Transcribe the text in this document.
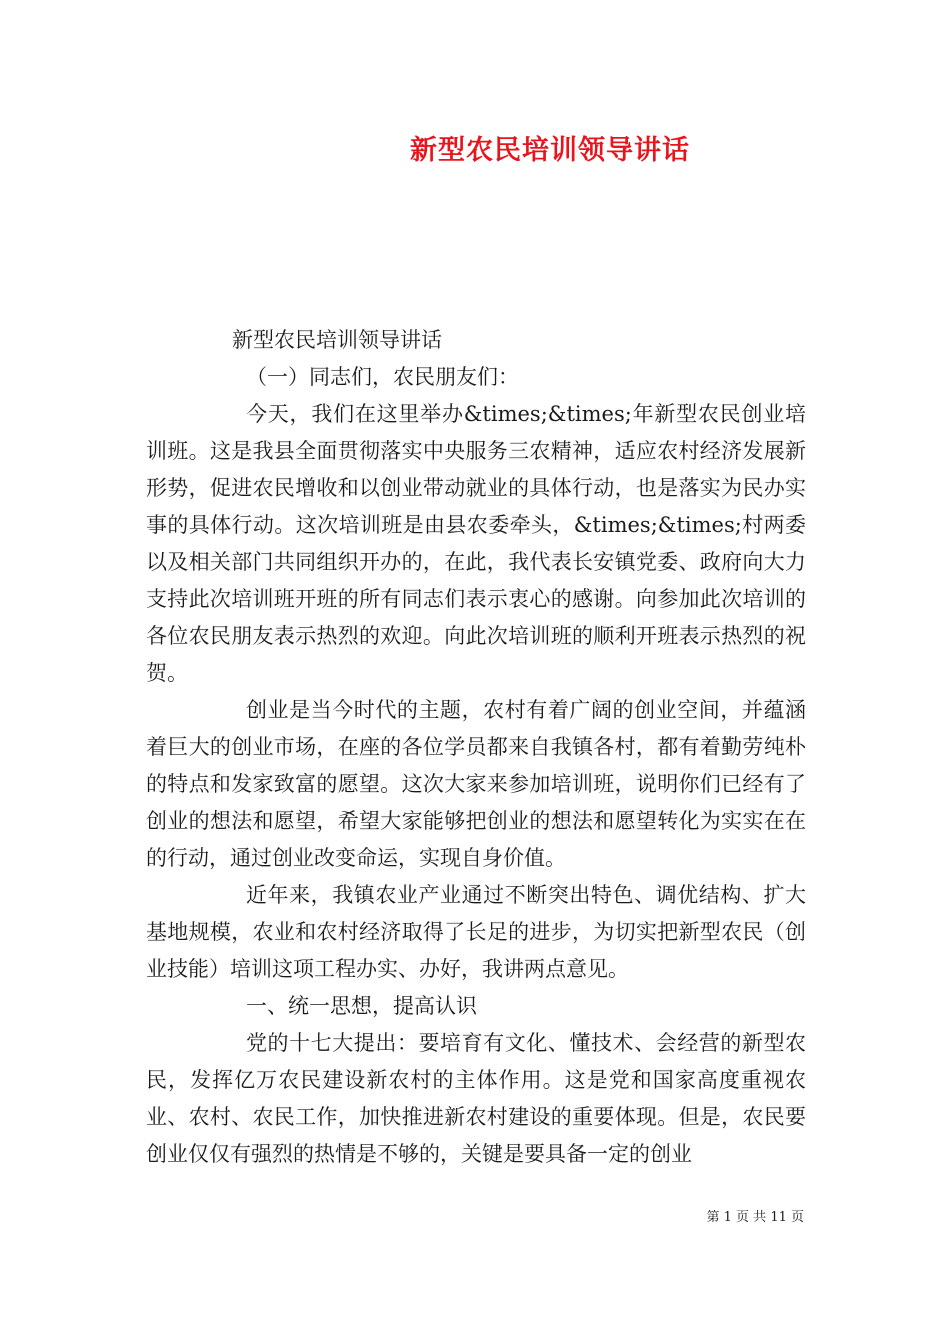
新型农民培训领导讲话

新型农民培训领导讲话

（一）同志们，农民朋友们：

今天，我们在这里举办&times;&times;年新型农民创业培训班。这是我县全面贯彻落实中央服务三农精神，适应农村经济发展新形势，促进农民增收和以创业带动就业的具体行动，也是落实为民办实事的具体行动。这次培训班是由县农委牵头，&times;&times;村两委以及相关部门共同组织开办的，在此，我代表长安镇党委、政府向大力支持此次培训班开班的所有同志们表示衷心的感谢。向参加此次培训的各位农民朋友表示热烈的欢迎。向此次培训班的顺利开班表示热烈的祝贺。

创业是当今时代的主题，农村有着广阔的创业空间，并蕴涵着巨大的创业市场，在座的各位学员都来自我镇各村，都有着勤劳纯朴的特点和发家致富的愿望。这次大家来参加培训班，说明你们已经有了创业的想法和愿望，希望大家能够把创业的想法和愿望转化为实实在在的行动，通过创业改变命运，实现自身价值。

近年来，我镇农业产业通过不断突出特色、调优结构、扩大基地规模，农业和农村经济取得了长足的进步，为切实把新型农民（创业技能）培训这项工程办实、办好，我讲两点意见。

一、统一思想，提高认识

党的十七大提出：要培育有文化、懂技术、会经营的新型农民，发挥亿万农民建设新农村的主体作用。这是党和国家高度重视农业、农村、农民工作，加快推进新农村建设的重要体现。但是，农民要创业仅仅有强烈的热情是不够的，关键是要具备一定的创业

第 1 页 共 11 页
